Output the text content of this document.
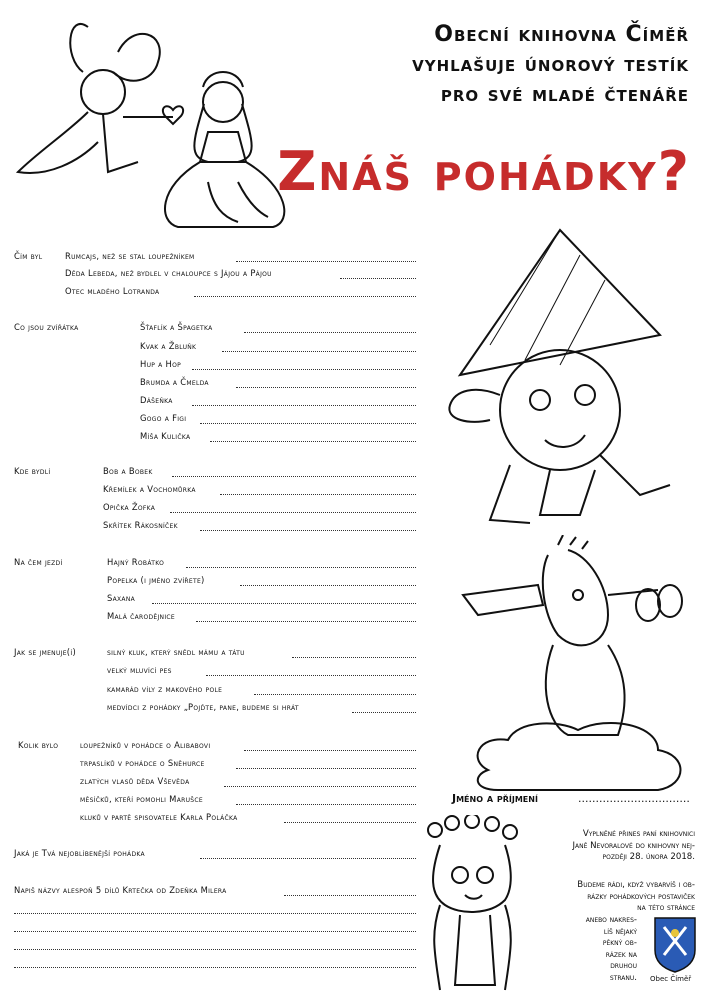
Obecní knihovna Číměř
vyhlašuje únorový testík
pro své mladé čtenáře
Znáš pohádky?
Obec Číměř
Čím byl	Rumcajs, než se stal loupežníkem
Děda Lebeda, než bydlel v chaloupce s Jájou a Pájou
Otec mladého Lotranda
Co jsou zvířátka	Šťaflík a Špagetka
Kvak a Žbluňk
Hup a Hop
Brumda a Čmelda
Dášeňka
Gogo a Figi
Míša Kulička
Kde bydlí	Bob a Bobek
Křemílek a Vochomůrka
Opička Žofka
Skřítek Rákosníček
Na čem jezdí	Hajný Robátko
Popelka (i jméno zvířete)
Saxana
Malá čarodějnice
Jak se jmenuje(í)	silný kluk, který snědl mámu a tátu
velký mluvící pes
kamarád víly z makového pole
medvídci z pohádky „Pojďte, pane, budeme si hrát
Kolik bylo	loupežníků v pohádce o Alibabovi
trpaslíků v pohádce o Sněhurce
zlatých vlasů děda Vševěda
měsíčků, kteří pomohli Marušce
kluků v partě spisovatele Karla Poláčka
Jaká je Tvá nejoblíbenější pohádka
Napiš názvy alespoň 5 dílů Krtečka od Zdeňka Milera
Jméno a příjmení	................................
Vyplněné přines paní knihovnici
Janě Nevoralové do knihovny nej-
později 28. února 2018.
Budeme rádi, když vybarvíš i ob-
rázky pohádkových postaviček
na této stránce
anebo nakres-
líš nějaký
pěkný ob-
rázek na
druhou
stranu.
